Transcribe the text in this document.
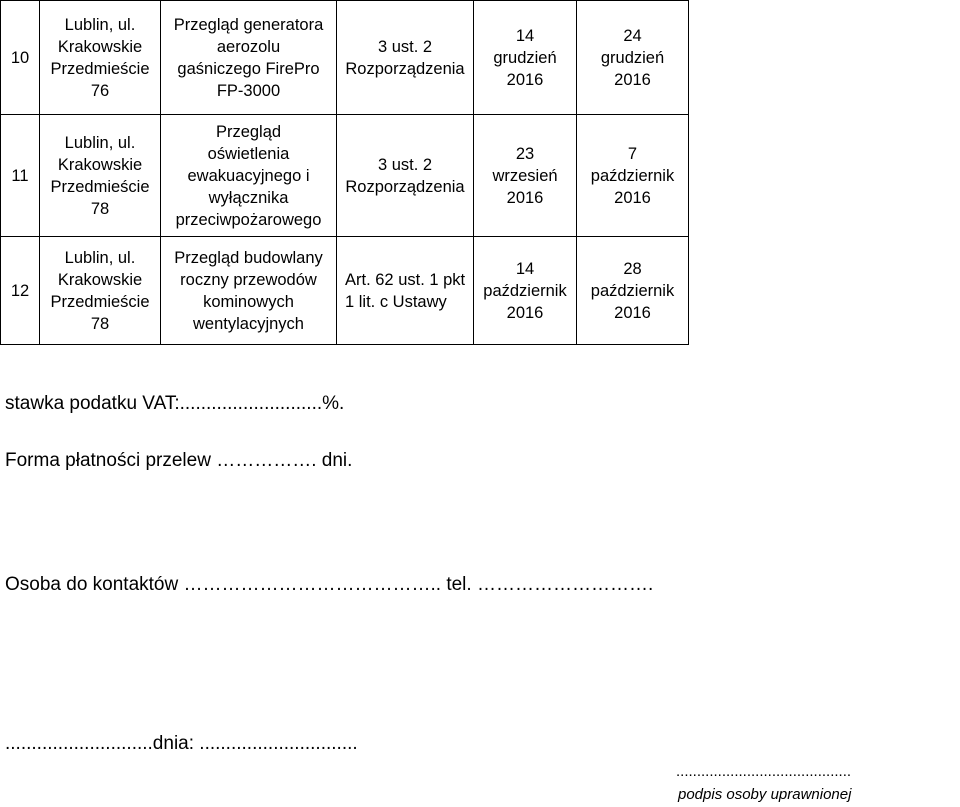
10	Lublin, ul.
Krakowskie
Przedmieście
76	Przegląd generatora
aerozolu
gaśniczego FirePro
FP-3000	3 ust. 2
Rozporządzenia	14
grudzień
2016	24
grudzień
2016

11	Lublin, ul.
Krakowskie
Przedmieście
78	Przegląd
oświetlenia
ewakuacyjnego i
wyłącznika
przeciwpożarowego	3 ust. 2
Rozporządzenia	23
wrzesień
2016	7
październik
2016

12	Lublin, ul.
Krakowskie
Przedmieście
78	Przegląd budowlany
roczny przewodów
kominowych
wentylacyjnych	Art. 62 ust. 1 pkt
1 lit. c Ustawy	14
październik
2016	28
październik
2016
stawka podatku VAT:...........................%.
Forma płatności przelew ……………. dni.
Osoba do kontaktów ………………………………….. tel. ……………………….
............................dnia: ..............................
..........................................
podpis osoby uprawnionej
